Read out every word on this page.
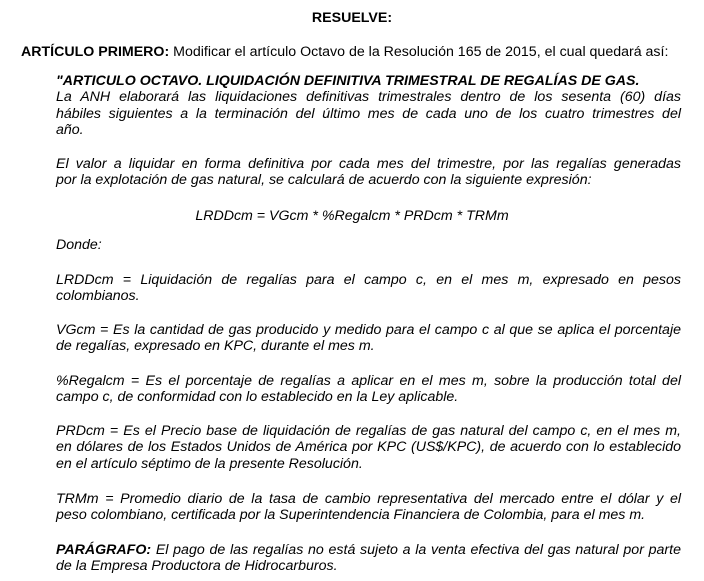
RESUELVE:
ARTÍCULO PRIMERO: Modificar el artículo Octavo de la Resolución 165 de 2015, el cual quedará así:
"ARTICULO OCTAVO. LIQUIDACIÓN DEFINITIVA TRIMESTRAL DE REGALÍAS DE GAS.
La ANH elaborará las liquidaciones definitivas trimestrales dentro de los sesenta (60) días
hábiles siguientes a la terminación del último mes de cada uno de los cuatro trimestres del
año.
El valor a liquidar en forma definitiva por cada mes del trimestre, por las regalías generadas
por la explotación de gas natural, se calculará de acuerdo con la siguiente expresión:
LRDDcm = VGcm * %Regalcm * PRDcm * TRMm
Donde:
LRDDcm = Liquidación de regalías para el campo c, en el mes m, expresado en pesos
colombianos.
VGcm = Es la cantidad de gas producido y medido para el campo c al que se aplica el porcentaje
de regalías, expresado en KPC, durante el mes m.
%Regalcm = Es el porcentaje de regalías a aplicar en el mes m, sobre la producción total del
campo c, de conformidad con lo establecido en la Ley aplicable.
PRDcm = Es el Precio base de liquidación de regalías de gas natural del campo c, en el mes m,
en dólares de los Estados Unidos de América por KPC (US$/KPC), de acuerdo con lo establecido
en el artículo séptimo de la presente Resolución.
TRMm = Promedio diario de la tasa de cambio representativa del mercado entre el dólar y el
peso colombiano, certificada por la Superintendencia Financiera de Colombia, para el mes m.
PARÁGRAFO: El pago de las regalías no está sujeto a la venta efectiva del gas natural por parte
de la Empresa Productora de Hidrocarburos.
